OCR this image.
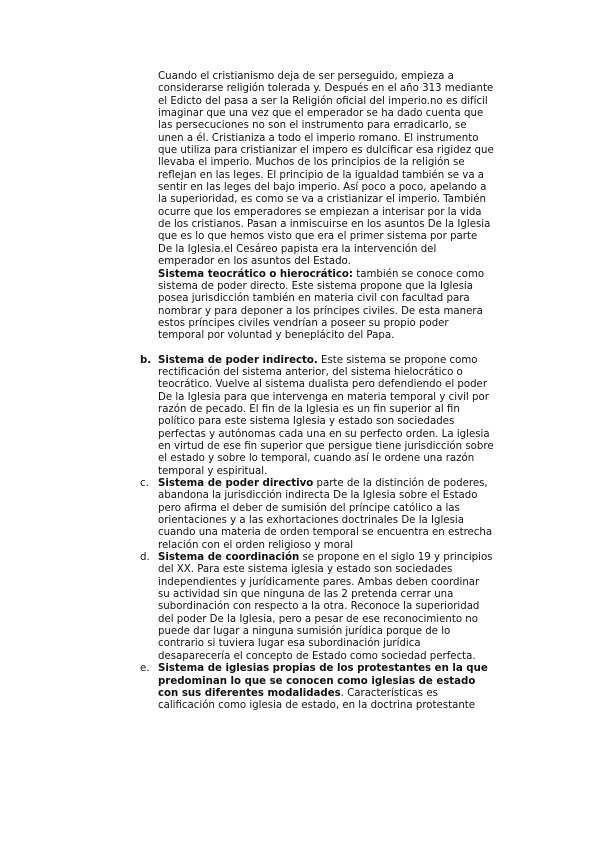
Cuando el cristianismo deja de ser perseguido, empieza a considerarse religión tolerada y. Después en el año 313 mediante el Edicto del pasa a ser la Religión oficial del imperio.no es difícil imaginar que una vez que el emperador se ha dado cuenta que las persecuciones no son el instrumento para erradicarlo, se unen a él. Cristianiza a todo el imperio romano. El instrumento que utiliza para cristianizar el impero es dulcificar esa rigidez que llevaba el imperio. Muchos de los principios de la religión se reflejan en las leges. El principio de la igualdad también se va a sentir en las leges del bajo imperio. Así poco a poco, apelando a la superioridad, es como se va a cristianizar el imperio. También ocurre que los emperadores se empiezan a interisar por la vida de los cristianos. Pasan a inmiscuirse en los asuntos De la Iglesia que es lo que hemos visto que era el primer sistema por parte De la Iglesia.el Cesáreo papista era la intervención del emperador en los asuntos del Estado.

Sistema teocrático o hierocrático: también se conoce como sistema de poder directo. Este sistema propone que la Iglesia posea jurisdicción también en materia civil con facultad para nombrar y para deponer a los príncipes civiles. De esta manera estos príncipes civiles vendrían a poseer su propio poder temporal por voluntad y beneplácito del Papa.

b. Sistema de poder indirecto. Este sistema se propone como rectificación del sistema anterior, del sistema hielocrático o teocrático. Vuelve al sistema dualista pero defendiendo el poder De la Iglesia para que intervenga en materia temporal y civil por razón de pecado. El fin de la Iglesia es un fin superior al fin político para este sistema Iglesia y estado son sociedades perfectas y autónomas cada una en su perfecto orden. La iglesia en virtud de ese fin superior que persigue tiene jurisdicción sobre el estado y sobre lo temporal, cuando así le ordene una razón temporal y espiritual.

c. Sistema de poder directivo parte de la distinción de poderes, abandona la jurisdicción indirecta De la Iglesia sobre el Estado pero afirma el deber de sumisión del príncipe católico a las orientaciones y a las exhortaciones doctrinales De la Iglesia cuando una materia de orden temporal se encuentra en estrecha relación con el orden religioso y moral

d. Sistema de coordinación se propone en el siglo 19 y principios del XX. Para este sistema iglesia y estado son sociedades independientes y jurídicamente pares. Ambas deben coordinar su actividad sin que ninguna de las 2 pretenda cerrar una subordinación con respecto a la otra. Reconoce la superioridad del poder De la Iglesia, pero a pesar de ese reconocimiento no puede dar lugar a ninguna sumisión jurídica porque de lo contrario si tuviera lugar esa subordinación jurídica desaparecería el concepto de Estado como sociedad perfecta.

e. Sistema de iglesias propias de los protestantes en la que predominan lo que se conocen como iglesias de estado con sus diferentes modalidades. Características es calificación como iglesia de estado, en la doctrina protestante
